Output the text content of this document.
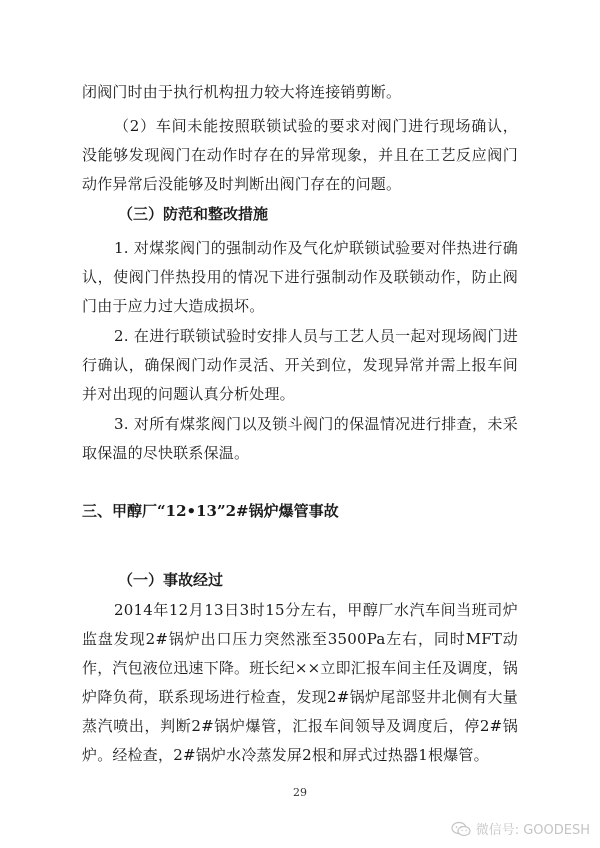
闭阀门时由于执行机构扭力较大将连接销剪断。

（2）车间未能按照联锁试验的要求对阀门进行现场确认，没能够发现阀门在动作时存在的异常现象，并且在工艺反应阀门动作异常后没能够及时判断出阀门存在的问题。

（三）防范和整改措施

1. 对煤浆阀门的强制动作及气化炉联锁试验要对伴热进行确认，使阀门伴热投用的情况下进行强制动作及联锁动作，防止阀门由于应力过大造成损坏。

2. 在进行联锁试验时安排人员与工艺人员一起对现场阀门进行确认，确保阀门动作灵活、开关到位，发现异常并需上报车间并对出现的问题认真分析处理。

3. 对所有煤浆阀门以及锁斗阀门的保温情况进行排查，未采取保温的尽快联系保温。

三、甲醇厂“12•13”2#锅炉爆管事故
（一）事故经过

2014年12月13日3时15分左右，甲醇厂水汽车间当班司炉监盘发现2#锅炉出口压力突然涨至3500Pa左右，同时MFT动作，汽包液位迅速下降。班长纪××立即汇报车间主任及调度，锅炉降负荷，联系现场进行检查，发现2#锅炉尾部竖井北侧有大量蒸汽喷出，判断2#锅炉爆管，汇报车间领导及调度后，停2#锅炉。经检查，2#锅炉水冷蒸发屏2根和屏式过热器1根爆管。

29
微信号: GOODESH
